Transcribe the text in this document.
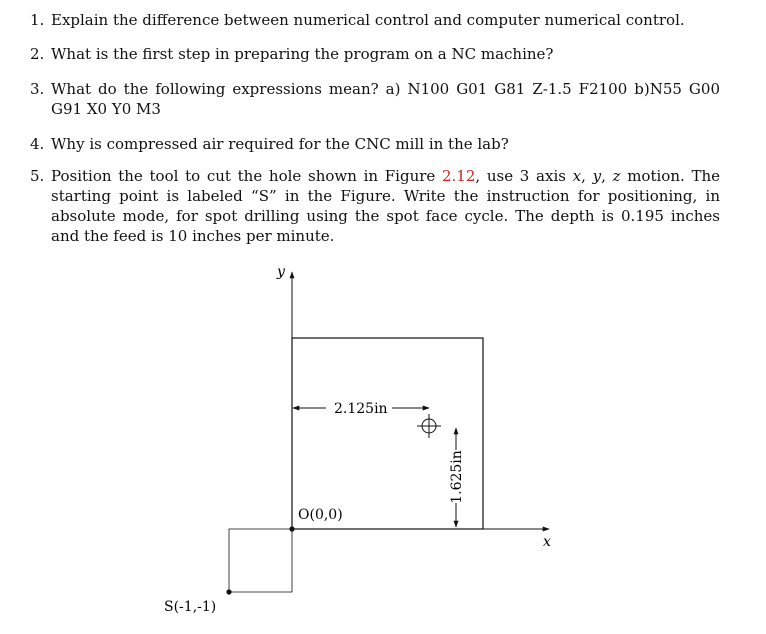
1. Explain the difference between numerical control and computer numerical control.
2. What is the first step in preparing the program on a NC machine?
3. What do the following expressions mean? a) N100 G01 G81 Z-1.5 F2100 b)N55 G00 G91 X0 Y0 M3
4. Why is compressed air required for the CNC mill in the lab?
5. Position the tool to cut the hole shown in Figure 2.12, use 3 axis x, y, z motion. The starting point is labeled “S” in the Figure. Write the instruction for positioning, in absolute mode, for spot drilling using the spot face cycle. The depth is 0.195 inches and the feed is 10 inches per minute.
y
x
2.125in
1.625in
O(0,0)
S(-1,-1)
